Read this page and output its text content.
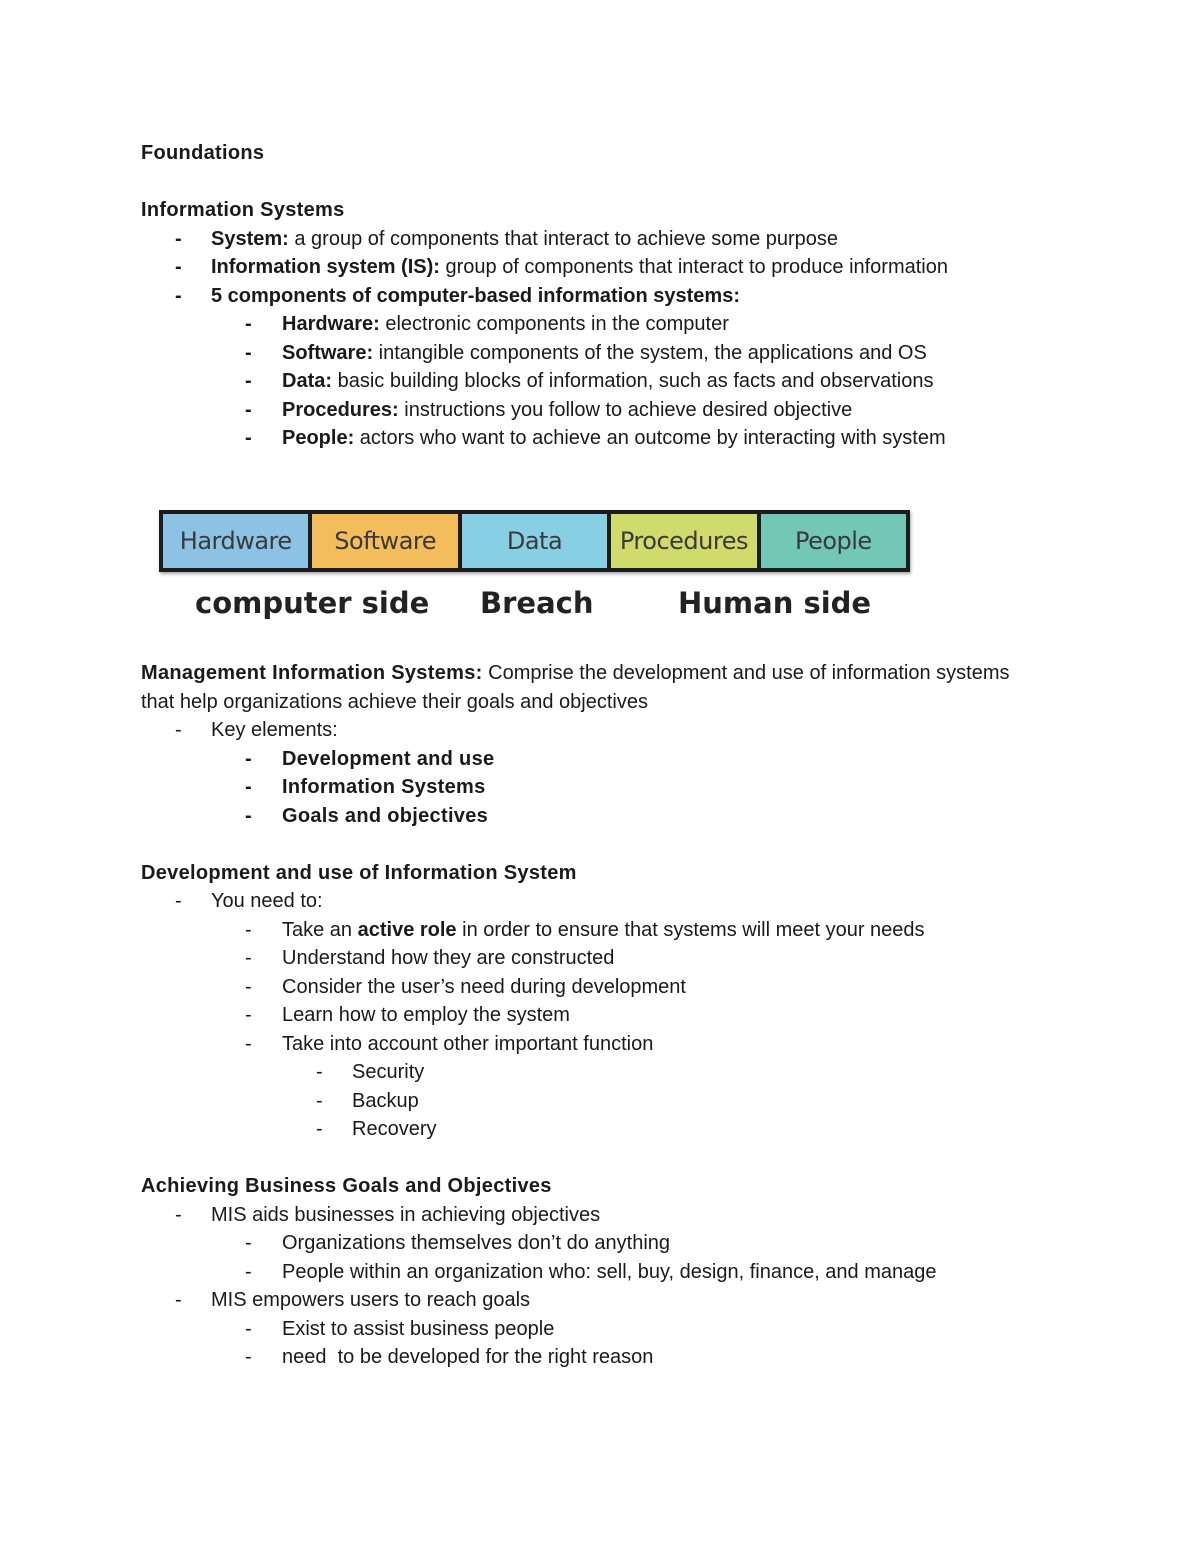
Foundations
Information Systems
-	System: a group of components that interact to achieve some purpose
-	Information system (IS): group of components that interact to produce information
-	5 components of computer-based information systems:
-	Hardware: electronic components in the computer
-	Software: intangible components of the system, the applications and OS
-	Data: basic building blocks of information, such as facts and observations
-	Procedures: instructions you follow to achieve desired objective
-	People: actors who want to achieve an outcome by interacting with system
Hardware	Software	Data	Procedures	People
computer side Breach	Human side
Management Information Systems: Comprise the development and use of information systems that help organizations achieve their goals and objectives
-	Key elements:
-	Development and use
-	Information Systems
-	Goals and objectives
Development and use of Information System
-	You need to:
-	Take an active role in order to ensure that systems will meet your needs
-	Understand how they are constructed
-	Consider the user’s need during development
-	Learn how to employ the system
-	Take into account other important function
-	Security
-	Backup
-	Recovery
Achieving Business Goals and Objectives
-	MIS aids businesses in achieving objectives
-	Organizations themselves don’t do anything
-	People within an organization who: sell, buy, design, finance, and manage
-	MIS empowers users to reach goals
-	Exist to assist business people
-	need  to be developed for the right reason
